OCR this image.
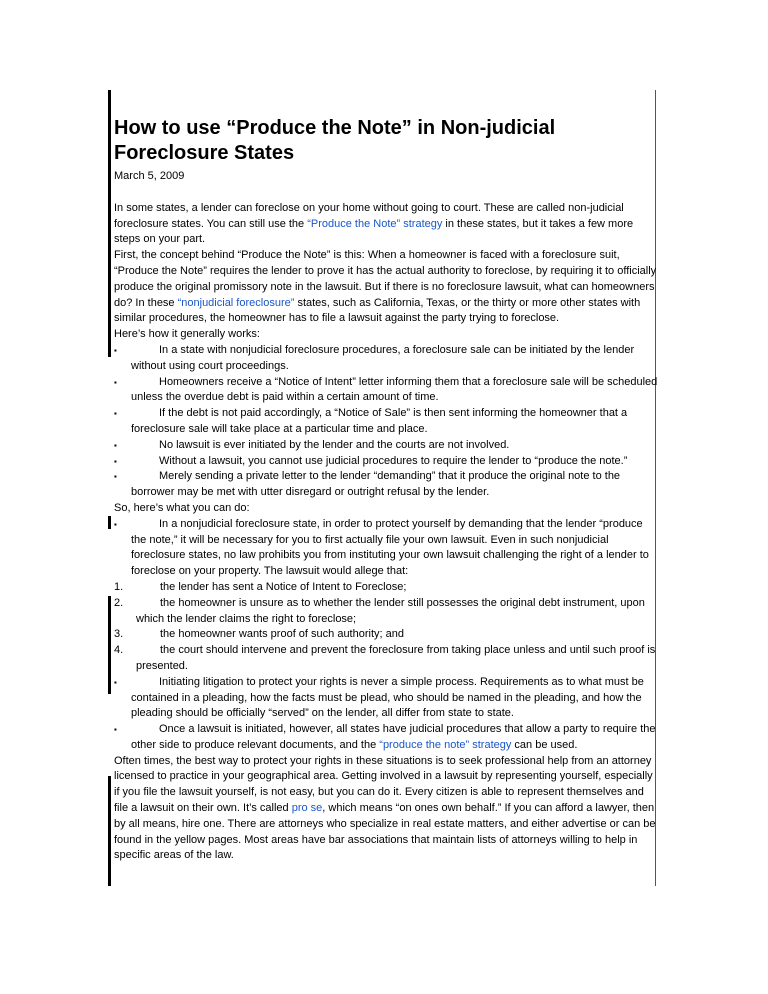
How to use “Produce the Note” in Non-judicial Foreclosure States
March 5, 2009

In some states, a lender can foreclose on your home without going to court. These are called non-judicial foreclosure states. You can still use the “Produce the Note” strategy in these states, but it takes a few more steps on your part.

First, the concept behind “Produce the Note” is this: When a homeowner is faced with a foreclosure suit, “Produce the Note” requires the lender to prove it has the actual authority to foreclose, by requiring it to officially produce the original promissory note in the lawsuit. But if there is no foreclosure lawsuit, what can homeowners do? In these “nonjudicial foreclosure” states, such as California, Texas, or the thirty or more other states with similar procedures, the homeowner has to file a lawsuit against the party trying to foreclose.

Here’s how it generally works:

▪	In a state with nonjudicial foreclosure procedures, a foreclosure sale can be initiated by the lender without using court proceedings.
▪	Homeowners receive a “Notice of Intent” letter informing them that a foreclosure sale will be scheduled unless the overdue debt is paid within a certain amount of time.
▪	If the debt is not paid accordingly, a “Notice of Sale” is then sent informing the homeowner that a foreclosure sale will take place at a particular time and place.
▪	No lawsuit is ever initiated by the lender and the courts are not involved.
▪	Without a lawsuit, you cannot use judicial procedures to require the lender to “produce the note.”
▪	Merely sending a private letter to the lender “demanding” that it produce the original note to the borrower may be met with utter disregard or outright refusal by the lender.

So, here’s what you can do:

▪	In a nonjudicial foreclosure state, in order to protect yourself by demanding that the lender “produce the note,” it will be necessary for you to first actually file your own lawsuit. Even in such nonjudicial foreclosure states, no law prohibits you from instituting your own lawsuit challenging the right of a lender to foreclose on your property. The lawsuit would allege that:
1.	the lender has sent a Notice of Intent to Foreclose;
2.	the homeowner is unsure as to whether the lender still possesses the original debt instrument, upon which the lender claims the right to foreclose;
3.	the homeowner wants proof of such authority; and
4.	the court should intervene and prevent the foreclosure from taking place unless and until such proof is presented.
▪	Initiating litigation to protect your rights is never a simple process. Requirements as to what must be contained in a pleading, how the facts must be plead, who should be named in the pleading, and how the pleading should be officially “served” on the lender, all differ from state to state.
▪	Once a lawsuit is initiated, however, all states have judicial procedures that allow a party to require the other side to produce relevant documents, and the “produce the note” strategy can be used.

Often times, the best way to protect your rights in these situations is to seek professional help from an attorney licensed to practice in your geographical area. Getting involved in a lawsuit by representing yourself, especially if you file the lawsuit yourself, is not easy, but you can do it. Every citizen is able to represent themselves and file a lawsuit on their own. It’s called pro se, which means “on ones own behalf.” If you can afford a lawyer, then by all means, hire one. There are attorneys who specialize in real estate matters, and either advertise or can be found in the yellow pages. Most areas have bar associations that maintain lists of attorneys willing to help in specific areas of the law.
